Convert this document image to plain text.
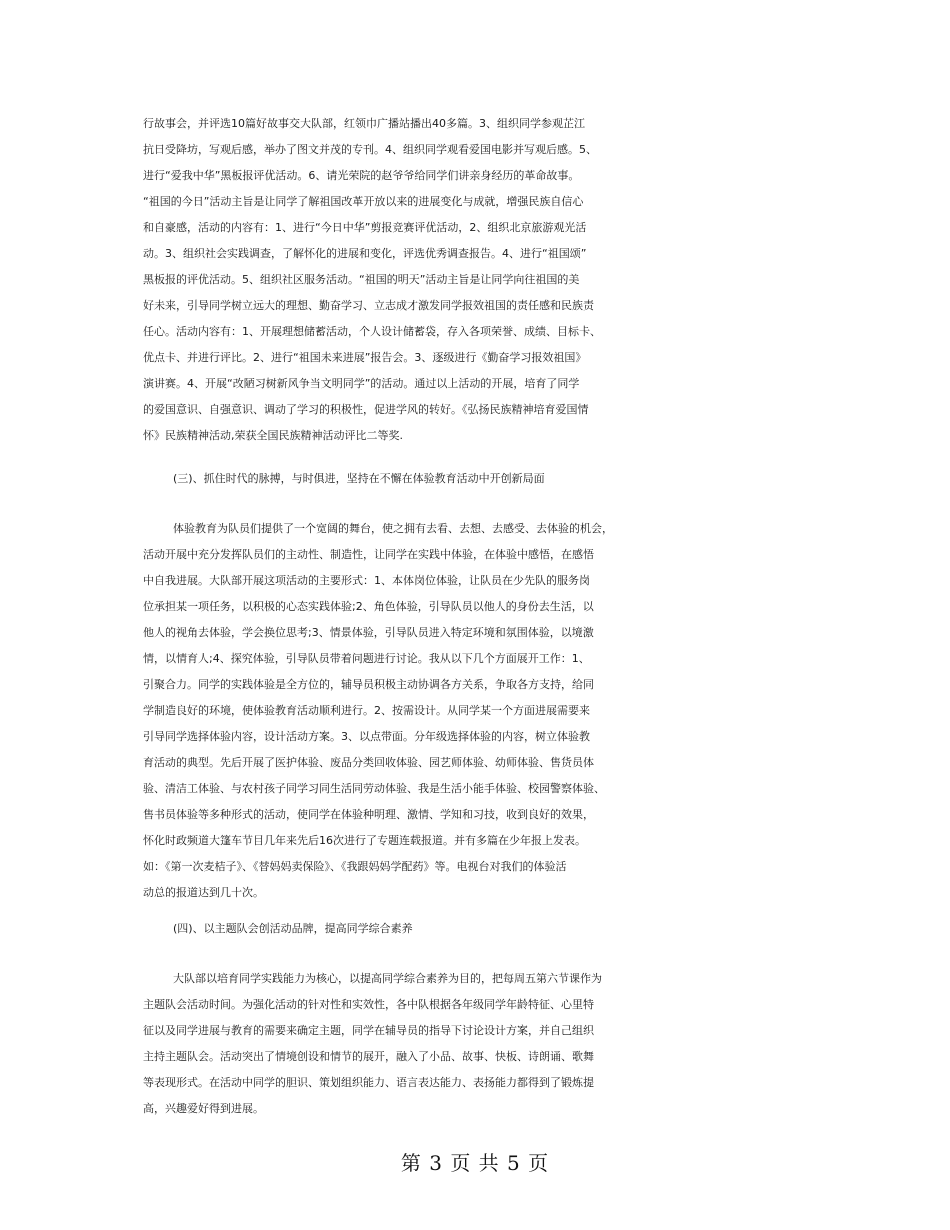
行故事会，并评选10篇好故事交大队部，红领巾广播站播出40多篇。3、组织同学参观芷江
抗日受降坊，写观后感，举办了图文并茂的专刊。4、组织同学观看爱国电影并写观后感。5、
进行“爱我中华”黑板报评优活动。6、请光荣院的赵爷爷给同学们讲亲身经历的革命故事。
“祖国的今日”活动主旨是让同学了解祖国改革开放以来的进展变化与成就，增强民族自信心
和自豪感，活动的内容有：1、进行“今日中华”剪报竞赛评优活动，2、组织北京旅游观光活
动。3、组织社会实践调查，了解怀化的进展和变化，评选优秀调查报告。4、进行“祖国颂”
黑板报的评优活动。5、组织社区服务活动。“祖国的明天”活动主旨是让同学向往祖国的美
好未来，引导同学树立远大的理想、勤奋学习、立志成才激发同学报效祖国的责任感和民族责
任心。活动内容有：1、开展理想储蓄活动，个人设计储蓄袋，存入各项荣誉、成绩、目标卡、
优点卡、并进行评比。2、进行“祖国未来进展”报告会。3、逐级进行《勤奋学习报效祖国》
演讲赛。4、开展“改陋习树新风争当文明同学”的活动。通过以上活动的开展，培育了同学
的爱国意识、自强意识、调动了学习的积极性，促进学风的转好。《弘扬民族精神培育爱国情
怀》民族精神活动,荣获全国民族精神活动评比二等奖.
(三)、抓住时代的脉搏，与时俱进，坚持在不懈在体验教育活动中开创新局面
体验教育为队员们提供了一个宽阔的舞台，使之拥有去看、去想、去感受、去体验的机会，
活动开展中充分发挥队员们的主动性、制造性，让同学在实践中体验，在体验中感悟，在感悟
中自我进展。大队部开展这项活动的主要形式：1、本体岗位体验，让队员在少先队的服务岗
位承担某一项任务，以积极的心态实践体验;2、角色体验，引导队员以他人的身份去生活，以
他人的视角去体验，学会换位思考;3、情景体验，引导队员进入特定环境和氛围体验，以境激
情，以情育人;4、探究体验，引导队员带着问题进行讨论。我从以下几个方面展开工作：1、
引聚合力。同学的实践体验是全方位的，辅导员积极主动协调各方关系，争取各方支持，给同
学制造良好的环境，使体验教育活动顺利进行。2、按需设计。从同学某一个方面进展需要来
引导同学选择体验内容，设计活动方案。3、以点带面。分年级选择体验的内容，树立体验教
育活动的典型。先后开展了医护体验、废品分类回收体验、园艺师体验、幼师体验、售货员体
验、清洁工体验、与农村孩子同学习同生活同劳动体验、我是生活小能手体验、校园警察体验、
售书员体验等多种形式的活动，使同学在体验种明理、激情、学知和习技，收到良好的效果，
怀化时政频道大篷车节目几年来先后16次进行了专题连载报道。并有多篇在少年报上发表。
如：《第一次麦桔子》、《替妈妈卖保险》、《我跟妈妈学配药》等。电视台对我们的体验活
动总的报道达到几十次。
(四)、以主题队会创活动品牌，提高同学综合素养
大队部以培育同学实践能力为核心，以提高同学综合素养为目的，把每周五第六节课作为
主题队会活动时间。为强化活动的针对性和实效性，各中队根据各年级同学年龄特征、心里特
征以及同学进展与教育的需要来确定主题，同学在辅导员的指导下讨论设计方案，并自己组织
主持主题队会。活动突出了情境创设和情节的展开，融入了小品、故事、快板、诗朗诵、歌舞
等表现形式。在活动中同学的胆识、策划组织能力、语言表达能力、表扬能力都得到了锻炼提
高，兴趣爱好得到进展。
第 3 页 共 5 页
